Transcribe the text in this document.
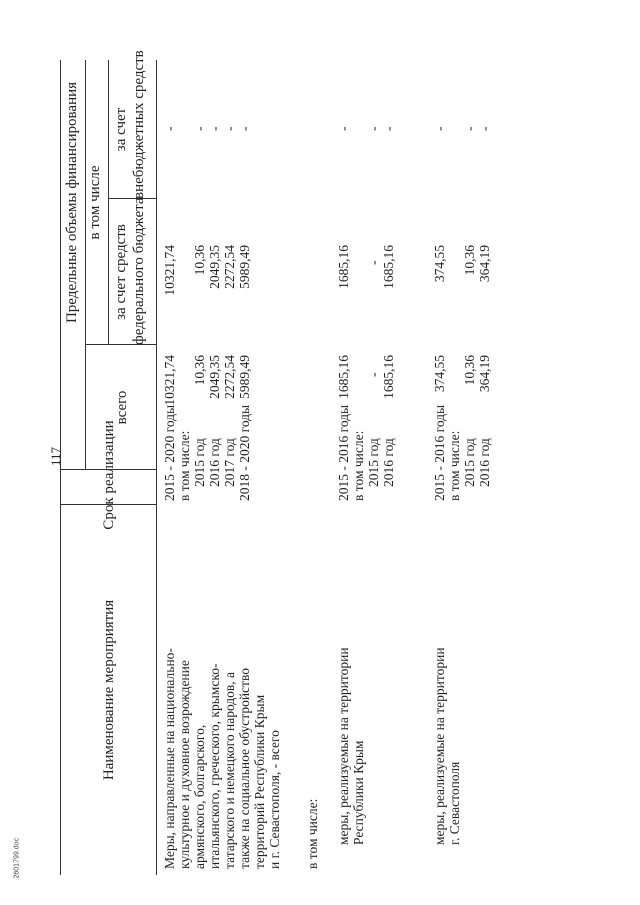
117
2601799.doc
Наименование мероприятия
Срок реализации
Предельные объемы финансирования
всего
в том числе
за счет средств федерального бюджета
за счет внебюджетных средств
Меры, направленные на национально- культурное и духовное возрождение армянского, болгарского, итальянского, греческого, крымско- татарского и немецкого народов, а также на социальное обустройство территорий Республики Крым и г. Севастополя, - всего
2015 - 2020 годы в том числе: 2015 год 2016 год 2017 год 2018 - 2020 годы
10321,74 10,36 2049,35 2272,54 5989,49
10321,74 10,36 2049,35 2272,54 5989,49
- - - - -
в том числе: меры, реализуемые на территории Республики Крым
2015 - 2016 годы в том числе: 2015 год 2016 год
1685,16 - 1685,16
1685,16 - 1685,16
- - -
меры, реализуемые на территории г. Севастополя
2015 - 2016 годы в том числе: 2015 год 2016 год
374,55 10,36 364,19
374,55 10,36 364,19
- - -
